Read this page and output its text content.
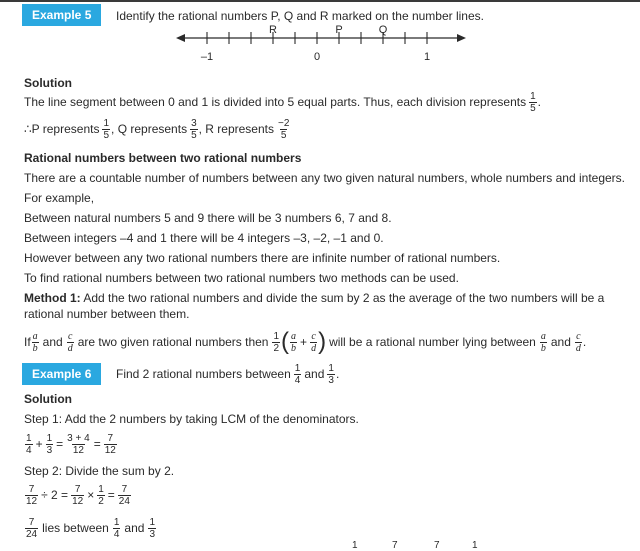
Example 5	Identify the rational numbers P, Q and R marked on the number lines.
R	P	Q
–1	0	1
Solution
The line segment between 0 and 1 is divided into 5 equal parts. Thus, each division represents $\frac{1}{5}$ .
∴ P represents $\frac{1}{5}$ , Q represents $\frac{3}{5}$ , R represents $\frac{-2}{5}$
Rational numbers between two rational numbers
There are a countable number of numbers between any two given natural numbers, whole numbers and integers.
For example,
Between natural numbers 5 and 9 there will be 3 numbers 6, 7 and 8.
Between integers –4 and 1 there will be 4 integers –3, –2, –1 and 0.
However between any two rational numbers there are infinite number of rational numbers.
To find rational numbers between two rational numbers two methods can be used.
Method 1: Add the two rational numbers and divide the sum by 2 as the average of the two numbers will be a
rational number between them.
If $\frac{a}{b}$ and $\frac{c}{d}$ are two given rational numbers then $\frac{1}{2}$ ( $\frac{a}{b} + \frac{c}{d}$ ) will be a rational number lying between $\frac{a}{b}$ and $\frac{c}{d}$ .
Example 6	Find 2 rational numbers between $\frac{1}{4}$ and $\frac{1}{3}$ .
Solution
Step 1: Add the 2 numbers by taking LCM of the denominators.
$\frac{1}{4} + \frac{1}{3} = \frac{3 + 4}{12} = \frac{7}{12}$
Step 2: Divide the sum by 2.
$\frac{7}{12} \div 2 = \frac{7}{12} \times \frac{1}{2} = \frac{7}{24}$
$\frac{7}{24}$ lies between $\frac{1}{4}$ and $\frac{1}{3}$
1	7	7	1
